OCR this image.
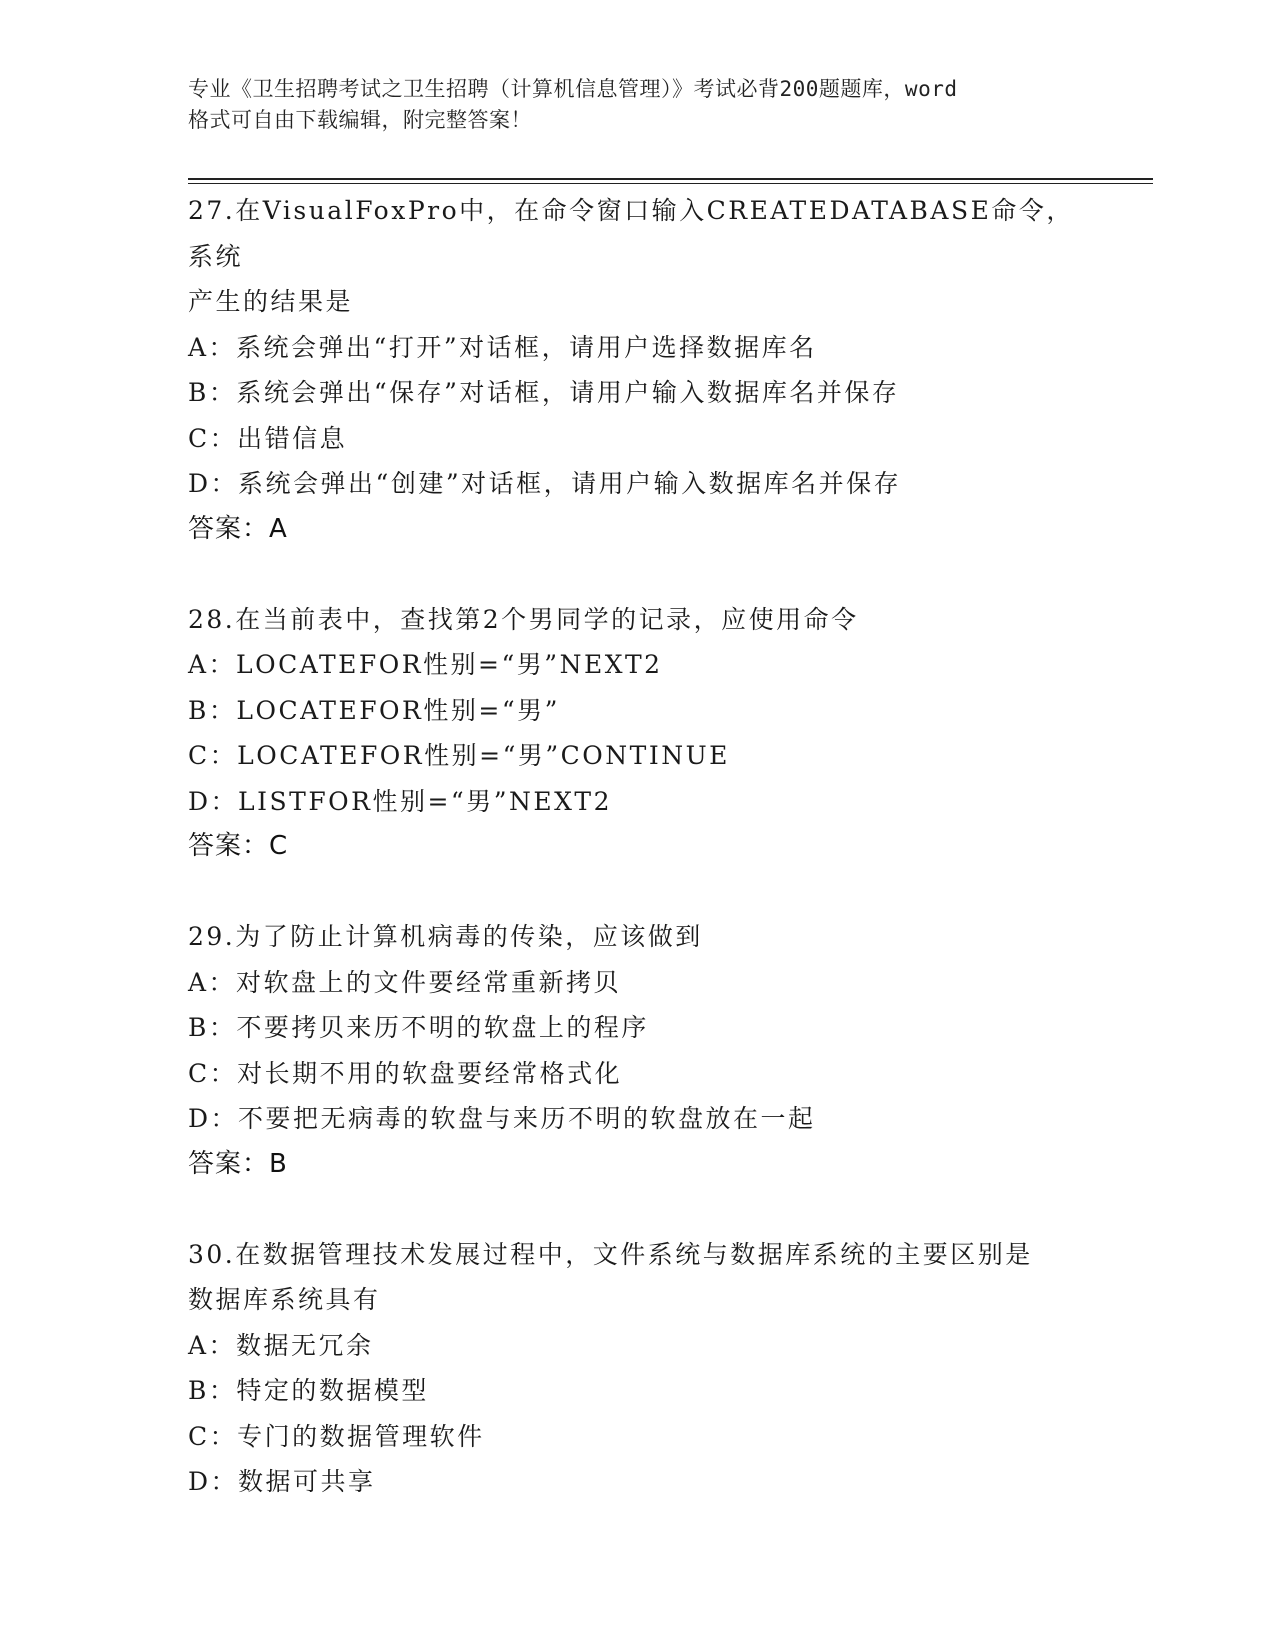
专业《卫生招聘考试之卫生招聘（计算机信息管理）》考试必背200题题库，word
格式可自由下载编辑，附完整答案！

27.在VisualFoxPro中，在命令窗口输入CREATEDATABASE命令，系统

产生的结果是

A：系统会弹出“打开”对话框，请用户选择数据库名

B：系统会弹出“保存”对话框，请用户输入数据库名并保存

C：出错信息

D：系统会弹出“创建”对话框，请用户输入数据库名并保存

答案：A

28.在当前表中，查找第2个男同学的记录，应使用命令

A：LOCATEFOR性别=“男”NEXT2

B：LOCATEFOR性别=“男”

C：LOCATEFOR性别=“男”CONTINUE

D：LISTFOR性别=“男”NEXT2

答案：C

29.为了防止计算机病毒的传染，应该做到

A：对软盘上的文件要经常重新拷贝

B：不要拷贝来历不明的软盘上的程序

C：对长期不用的软盘要经常格式化

D：不要把无病毒的软盘与来历不明的软盘放在一起

答案：B

30.在数据管理技术发展过程中，文件系统与数据库系统的主要区别是

数据库系统具有

A：数据无冗余

B：特定的数据模型

C：专门的数据管理软件

D：数据可共享
